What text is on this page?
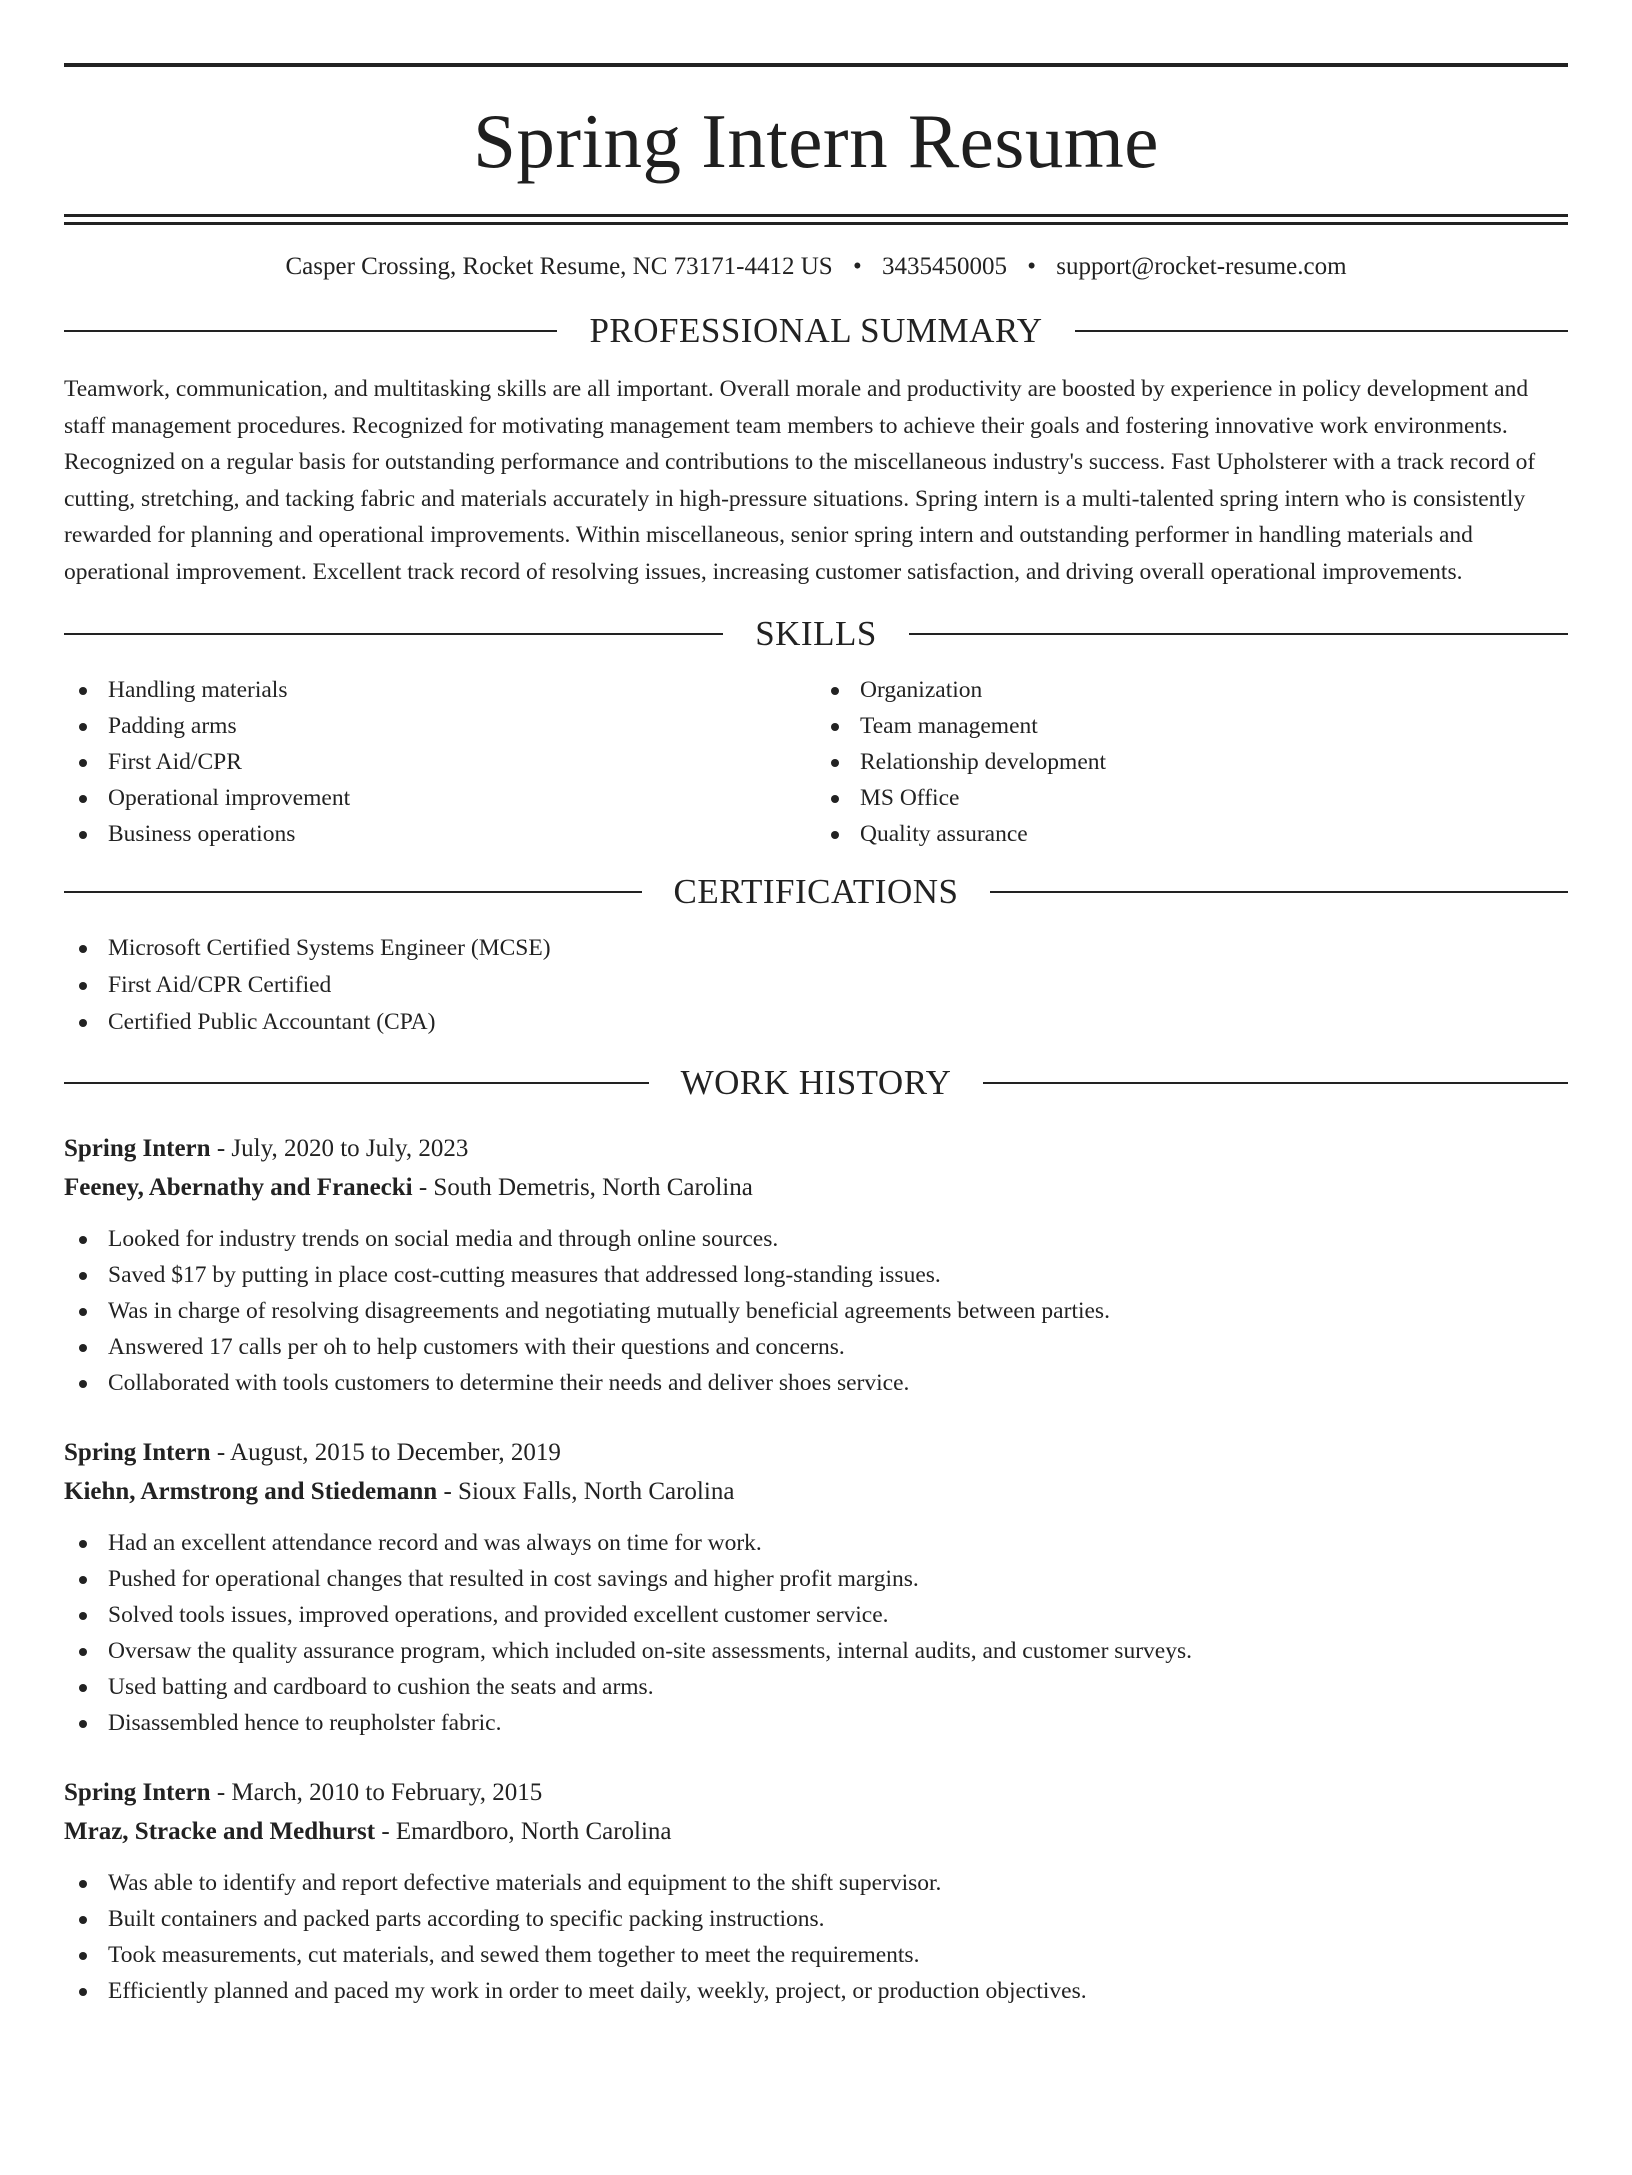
Spring Intern Resume
Casper Crossing, Rocket Resume, NC 73171-4412 US • 3435450005 • support@rocket-resume.com
PROFESSIONAL SUMMARY

Teamwork, communication, and multitasking skills are all important. Overall morale and productivity are boosted by experience in policy development and staff management procedures. Recognized for motivating management team members to achieve their goals and fostering innovative work environments. Recognized on a regular basis for outstanding performance and contributions to the miscellaneous industry's success. Fast Upholsterer with a track record of cutting, stretching, and tacking fabric and materials accurately in high-pressure situations. Spring intern is a multi-talented spring intern who is consistently rewarded for planning and operational improvements. Within miscellaneous, senior spring intern and outstanding performer in handling materials and operational improvement. Excellent track record of resolving issues, increasing customer satisfaction, and driving overall operational improvements.

SKILLS
Handling materials
Padding arms
First Aid/CPR
Operational improvement
Business operations
Organization
Team management
Relationship development
MS Office
Quality assurance
CERTIFICATIONS
Microsoft Certified Systems Engineer (MCSE)
First Aid/CPR Certified
Certified Public Accountant (CPA)
WORK HISTORY
Spring Intern - July, 2020 to July, 2023
Feeney, Abernathy and Franecki - South Demetris, North Carolina
Looked for industry trends on social media and through online sources.
Saved $17 by putting in place cost-cutting measures that addressed long-standing issues.
Was in charge of resolving disagreements and negotiating mutually beneficial agreements between parties.
Answered 17 calls per oh to help customers with their questions and concerns.
Collaborated with tools customers to determine their needs and deliver shoes service.
Spring Intern - August, 2015 to December, 2019
Kiehn, Armstrong and Stiedemann - Sioux Falls, North Carolina
Had an excellent attendance record and was always on time for work.
Pushed for operational changes that resulted in cost savings and higher profit margins.
Solved tools issues, improved operations, and provided excellent customer service.
Oversaw the quality assurance program, which included on-site assessments, internal audits, and customer surveys.
Used batting and cardboard to cushion the seats and arms.
Disassembled hence to reupholster fabric.
Spring Intern - March, 2010 to February, 2015
Mraz, Stracke and Medhurst - Emardboro, North Carolina
Was able to identify and report defective materials and equipment to the shift supervisor.
Built containers and packed parts according to specific packing instructions.
Took measurements, cut materials, and sewed them together to meet the requirements.
Efficiently planned and paced my work in order to meet daily, weekly, project, or production objectives.
